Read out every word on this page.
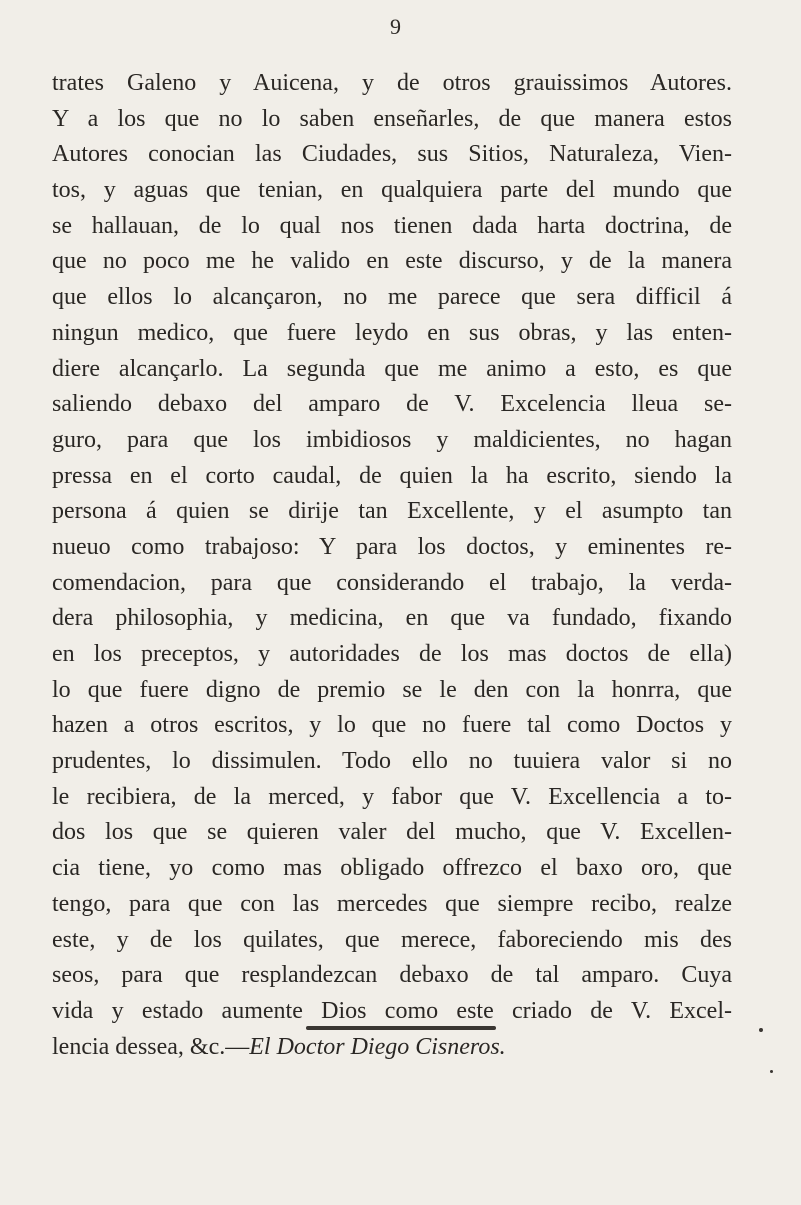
9
trates Galeno y Auicena, y de otros grauissimos Autores.
Y a los que no lo saben enseñarles, de que manera estos
Autores conocian las Ciudades, sus Sitios, Naturaleza, Vien-
tos, y aguas que tenian, en qualquiera parte del mundo que
se hallauan, de lo qual nos tienen dada harta doctrina, de
que no poco me he valido en este discurso, y de la manera
que ellos lo alcançaron, no me parece que sera difficil á
ningun medico, que fuere leydo en sus obras, y las enten-
diere alcançarlo. La segunda que me animo a esto, es que
saliendo debaxo del amparo de V. Excelencia lleua se-
guro, para que los imbidiosos y maldicientes, no hagan
pressa en el corto caudal, de quien la ha escrito, siendo la
persona á quien se dirije tan Excellente, y el asumpto tan
nueuo como trabajoso: Y para los doctos, y eminentes re-
comendacion, para que considerando el trabajo, la verda-
dera philosophia, y medicina, en que va fundado, fixando
en los preceptos, y autoridades de los mas doctos de ella)
lo que fuere digno de premio se le den con la honrra, que
hazen a otros escritos, y lo que no fuere tal como Doctos y
prudentes, lo dissimulen. Todo ello no tuuiera valor si no
le recibiera, de la merced, y fabor que V. Excellencia a to-
dos los que se quieren valer del mucho, que V. Excellen-
cia tiene, yo como mas obligado offrezco el baxo oro, que
tengo, para que con las mercedes que siempre recibo, realze
este, y de los quilates, que merece, faboreciendo mis des
seos, para que resplandezcan debaxo de tal amparo. Cuya
vida y estado aumente Dios como este criado de V. Excel-
lencia dessea, &c.—El Doctor Diego Cisneros.
